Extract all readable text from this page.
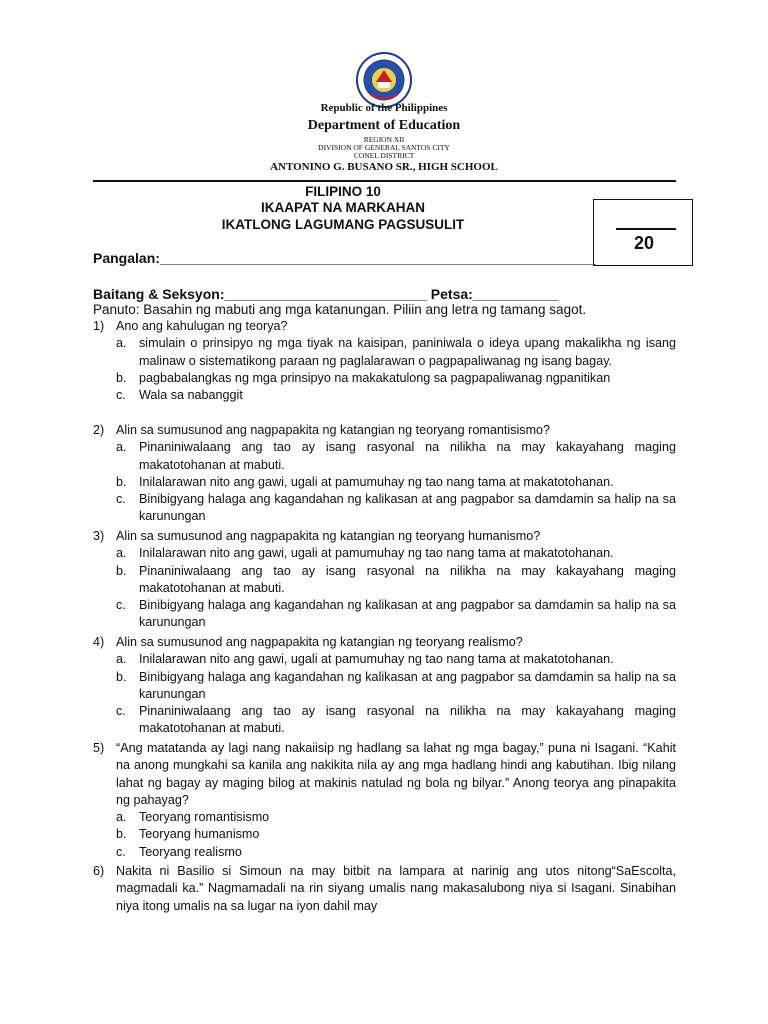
Republic of the Philippines
Department of Education
REGION XII
DIVISION OF GENERAL SANTOS CITY
CONEL DISTRICT
ANTONINO G. BUSANO SR., HIGH SCHOOL
FILIPINO 10
IKAAPAT NA MARKAHAN
IKATLONG LAGUMANG PAGSUSULIT
20
Pangalan:________________________________________________________
Baitang & Seksyon:__________________________ Petsa:___________
Panuto: Basahin ng mabuti ang mga katanungan. Piliin ang letra ng tamang sagot.
1) Ano ang kahulugan ng teorya?
a. simulain o prinsipyo ng mga tiyak na kaisipan, paniniwala o ideya upang makalikha ng isang malinaw o sistematikong paraan ng paglalarawan o pagpapaliwanag ng isang bagay.
b. pagbabalangkas ng mga prinsipyo na makakatulong sa pagpapaliwanag ngpanitikan
c. Wala sa nabanggit
2) Alin sa sumusunod ang nagpapakita ng katangian ng teoryang romantisismo?
a. Pinaniniwalaang ang tao ay isang rasyonal na nilikha na may kakayahang maging makatotohanan at mabuti.
b. Inilalarawan nito ang gawi, ugali at pamumuhay ng tao nang tama at makatotohanan.
c. Binibigyang halaga ang kagandahan ng kalikasan at ang pagpabor sa damdamin sa halip na sa karunungan
3) Alin sa sumusunod ang nagpapakita ng katangian ng teoryang humanismo?
a. Inilalarawan nito ang gawi, ugali at pamumuhay ng tao nang tama at makatotohanan.
b. Pinaniniwalaang ang tao ay isang rasyonal na nilikha na may kakayahang maging makatotohanan at mabuti.
c. Binibigyang halaga ang kagandahan ng kalikasan at ang pagpabor sa damdamin sa halip na sa karunungan
4) Alin sa sumusunod ang nagpapakita ng katangian ng teoryang realismo?
a. Inilalarawan nito ang gawi, ugali at pamumuhay ng tao nang tama at makatotohanan.
b. Binibigyang halaga ang kagandahan ng kalikasan at ang pagpabor sa damdamin sa halip na sa karunungan
c. Pinaniniwalaang ang tao ay isang rasyonal na nilikha na may kakayahang maging makatotohanan at mabuti.
5) “Ang matatanda ay lagi nang nakaiisip ng hadlang sa lahat ng mga bagay,” puna ni Isagani. “Kahit na anong mungkahi sa kanila ang nakikita nila ay ang mga hadlang hindi ang kabutihan. Ibig nilang lahat ng bagay ay maging bilog at makinis natulad ng bola ng bilyar.” Anong teorya ang pinapakita ng pahayag?
a. Teoryang romantisismo
b. Teoryang humanismo
c. Teoryang realismo
6) Nakita ni Basilio si Simoun na may bitbit na lampara at narinig ang utos nitong“SaEscolta, magmadali ka.” Nagmamadali na rin siyang umalis nang makasalubong niya si Isagani. Sinabihan niya itong umalis na sa lugar na iyon dahil may
